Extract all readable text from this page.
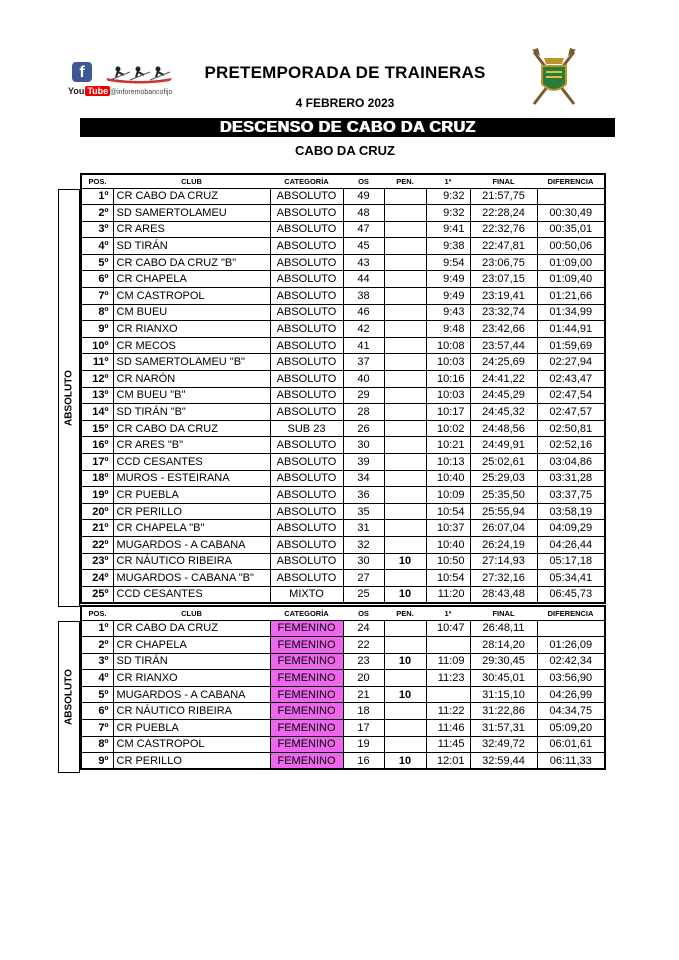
f
You Tube @inforemobancofijo
PRETEMPORADA DE TRAINERAS
4 FEBRERO 2023
DESCENSO DE CABO DA CRUZ
CABO DA CRUZ
ABSOLUTO
POS.	CLUB	CATEGORÍA	OS	PEN.	1ª	FINAL	DIFERENCIA
1º	CR CABO DA CRUZ	ABSOLUTO	49		9:32	21:57,75	
2º	SD SAMERTOLAMEU	ABSOLUTO	48		9:32	22:28,24	00:30,49
3º	CR ARES	ABSOLUTO	47		9:41	22:32,76	00:35,01
4º	SD TIRÁN	ABSOLUTO	45		9:38	22:47,81	00:50,06
5º	CR CABO DA CRUZ "B"	ABSOLUTO	43		9:54	23:06,75	01:09,00
6º	CR CHAPELA	ABSOLUTO	44		9:49	23:07,15	01:09,40
7º	CM CASTROPOL	ABSOLUTO	38		9:49	23:19,41	01:21,66
8º	CM BUEU	ABSOLUTO	46		9:43	23:32,74	01:34,99
9º	CR RIANXO	ABSOLUTO	42		9:48	23:42,66	01:44,91
10º	CR MECOS	ABSOLUTO	41		10:08	23:57,44	01:59,69
11º	SD SAMERTOLAMEU "B"	ABSOLUTO	37		10:03	24:25,69	02:27,94
12º	CR NARÓN	ABSOLUTO	40		10:16	24:41,22	02:43,47
13º	CM BUEU "B"	ABSOLUTO	29		10:03	24:45,29	02:47,54
14º	SD TIRÁN "B"	ABSOLUTO	28		10:17	24:45,32	02:47,57
15º	CR CABO DA CRUZ	SUB 23	26		10:02	24:48,56	02:50,81
16º	CR ARES "B"	ABSOLUTO	30		10:21	24:49,91	02:52,16
17º	CCD CESANTES	ABSOLUTO	39		10:13	25:02,61	03:04,86
18º	MUROS - ESTEIRANA	ABSOLUTO	34		10:40	25:29,03	03:31,28
19º	CR PUEBLA	ABSOLUTO	36		10:09	25:35,50	03:37,75
20º	CR PERILLO	ABSOLUTO	35		10:54	25:55,94	03:58,19
21º	CR CHAPELA "B"	ABSOLUTO	31		10:37	26:07,04	04:09,29
22º	MUGARDOS - A CABANA	ABSOLUTO	32		10:40	26:24,19	04:26,44
23º	CR NÁUTICO RIBEIRA	ABSOLUTO	30	10	10:50	27:14,93	05:17,18
24º	MUGARDOS - CABANA "B"	ABSOLUTO	27		10:54	27:32,16	05:34,41
25º	CCD CESANTES	MIXTO	25	10	11:20	28:43,48	06:45,73
ABSOLUTO
POS.	CLUB	CATEGORÍA	OS	PEN.	1ª	FINAL	DIFERENCIA
1º	CR CABO DA CRUZ	FEMENINO	24		10:47	26:48,11	
2º	CR CHAPELA	FEMENINO	22			28:14,20	01:26,09
3º	SD TIRÁN	FEMENINO	23	10	11:09	29:30,45	02:42,34
4º	CR RIANXO	FEMENINO	20		11:23	30:45,01	03:56,90
5º	MUGARDOS - A CABANA	FEMENINO	21	10		31:15,10	04:26,99
6º	CR NÁUTICO RIBEIRA	FEMENINO	18		11:22	31:22,86	04:34,75
7º	CR PUEBLA	FEMENINO	17		11:46	31:57,31	05:09,20
8º	CM CASTROPOL	FEMENINO	19		11:45	32:49,72	06:01,61
9º	CR PERILLO	FEMENINO	16	10	12:01	32:59,44	06:11,33
